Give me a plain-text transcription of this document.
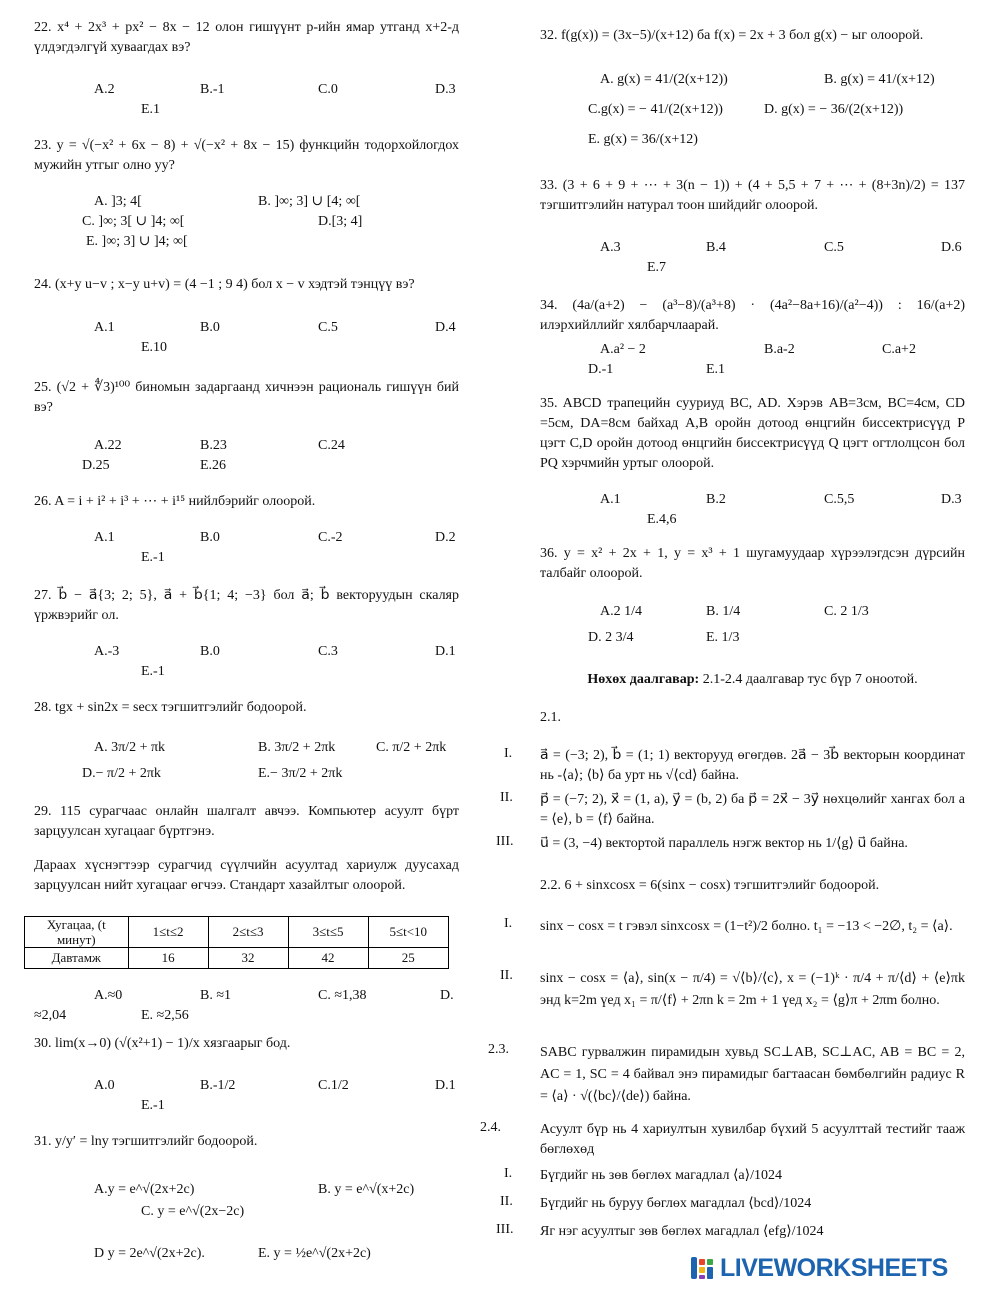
22. x⁴ + 2x³ + px² − 8x − 12 олон гишүүнт p-ийн ямар утганд x+2-д үлдэгдэлгүй хуваагдах вэ?
A.2	B.-1	C.0	D.3
E.1
23. y = √(−x² + 6x − 8) + √(−x² + 8x − 15) функцийн тодорхойлогдох мужийн утгыг олно уу?
A. ]3; 4[	B. ]∞; 3] ∪ [4; ∞[
C. ]∞; 3[ ∪ ]4; ∞[	D.[3; 4]
E. ]∞; 3] ∪ ]4; ∞[
24. (x+y u−v ; x−y u+v) = (4 −1 ; 9 4) бол x − v хэдтэй тэнцүү вэ?
A.1	B.0	C.5	D.4
E.10
25. (√2 + ∜3)¹⁰⁰ биномын задаргаанд хичнээн рациональ гишүүн бий вэ?
A.22	B.23	C.24
D.25	E.26
26. A = i + i² + i³ + ⋯ + i¹⁵ нийлбэрийг олоорой.
A.1	B.0	C.-2	D.2
E.-1
27. b⃗ − a⃗{3; 2; 5}, a⃗ + b⃗{1; 4; −3} бол a⃗; b⃗ векторуудын скаляр үржвэрийг ол.
A.-3	B.0	C.3	D.1
E.-1
28. tgx + sin2x = secx тэгшитгэлийг бодоорой.
A. 3π/2 + πk	B. 3π/2 + 2πk	C. π/2 + 2πk
D.− π/2 + 2πk	E.− 3π/2 + 2πk
29. 115 сурагчаас онлайн шалгалт авчээ. Компьютер асуулт бүрт зарцуулсан хугацааг бүртгэнэ.
Дараах хүснэгтээр сурагчид сүүлчийн асуултад хариулж дуусахад зарцуулсан нийт хугацааг өгчээ. Стандарт хазайлтыг олоорой.
Хугацаа, (t минут)	1≤t≤2	2≤t≤3	3≤t≤5	5≤t<10
Давтамж	16	32	42	25
A.≈0	B. ≈1	C. ≈1,38	D.
≈2,04	E. ≈2,56
30. lim(x→0) (√(x²+1) − 1)/x хязгаарыг бод.
A.0	B.-1/2	C.1/2	D.1
E.-1
31. y/y′ = lny тэгшитгэлийг бодоорой.
A.y = e^√(2x+2c)	B. y = e^√(x+2c)
C. y = e^√(2x−2c)
D y = 2e^√(2x+2c).	E. y = ½e^√(2x+2c)
32. f(g(x)) = (3x−5)/(x+12) ба f(x) = 2x + 3 бол g(x) − ыг олоорой.
A. g(x) = 41/(2(x+12))	B. g(x) = 41/(x+12)
C.g(x) = − 41/(2(x+12))	D. g(x) = − 36/(2(x+12))
E. g(x) = 36/(x+12)
33. (3 + 6 + 9 + ⋯ + 3(n − 1)) + (4 + 5,5 + 7 + ⋯ + (8+3n)/2) = 137 тэгшитгэлийн натурал тоон шийдийг олоорой.
A.3	B.4	C.5	D.6
E.7
34. (4a/(a+2) − (a³−8)/(a³+8) · (4a²−8a+16)/(a²−4)) : 16/(a+2) илэрхийллийг хялбарчлаарай.
A.a² − 2	B.a-2	C.a+2
D.-1	E.1
35. ABCD трапецийн сууриуд BC, AD. Хэрэв AB=3см, BC=4см, CD =5см, DA=8см байхад A,B оройн дотоод өнцгийн биссектрисүүд P цэгт C,D оройн дотоод өнцгийн биссектрисүүд Q цэгт огтлолцсон бол PQ хэрчмийн уртыг олоорой.
A.1	B.2	C.5,5	D.3
E.4,6
36. y = x² + 2x + 1, y = x³ + 1 шугамуудаар хүрээлэгдсэн дүрсийн талбайг олоорой.
A.2 1/4	B. 1/4	C. 2 1/3
D. 2 3/4	E. 1/3
Нөхөх даалгавар: 2.1-2.4 даалгавар тус бүр 7 оноотой.
2.1.
I. a⃗ = (−3; 2), b⃗ = (1; 1) векторууд өгөгдөв. 2a⃗ − 3b⃗ векторын координат нь -⟨a⟩; ⟨b⟩ ба урт нь √⟨cd⟩ байна.
II. p⃗ = (−7; 2), x⃗ = (1, a), y⃗ = (b, 2) ба p⃗ = 2x⃗ − 3y⃗ нөхцөлийг хангах бол a = ⟨e⟩, b = ⟨f⟩ байна.
III. u⃗ = (3, −4) вектортой параллель нэгж вектор нь 1/⟨g⟩ u⃗ байна.
2.2. 6 + sinxcosx = 6(sinx − cosx) тэгшитгэлийг бодоорой.
I. sinx − cosx = t гэвэл sinxcosx = (1−t²)/2 болно. t₁ = −13 < −2∅, t₂ = ⟨a⟩.
II. sinx − cosx = ⟨a⟩, sin(x − π/4) = √⟨b⟩/⟨c⟩, x = (−1)ᵏ · π/4 + π/⟨d⟩ + ⟨e⟩πk энд k=2m үед x₁ = π/⟨f⟩ + 2πn k = 2m + 1 үед x₂ = ⟨g⟩π + 2πm болно.
2.3. SABC гурвалжин пирамидын хувьд SC⊥AB, SC⊥AC, AB = BC = 2, AC = 1, SC = 4 байвал энэ пирамидыг багтаасан бөмбөлгийн радиус R = ⟨a⟩ · √(⟨bc⟩/⟨de⟩) байна.
2.4.	Асуулт бүр нь 4 хариултын хувилбар бүхий 5 асуулттай тестийг тааж бөглөхөд
I. Бүгдийг нь зөв бөглөх магадлал ⟨a⟩/1024
II. Бүгдийг нь буруу бөглөх магадлал ⟨bcd⟩/1024
III. Яг нэг асуултыг зөв бөглөх магадлал ⟨efg⟩/1024
LIVEWORKSHEETS
